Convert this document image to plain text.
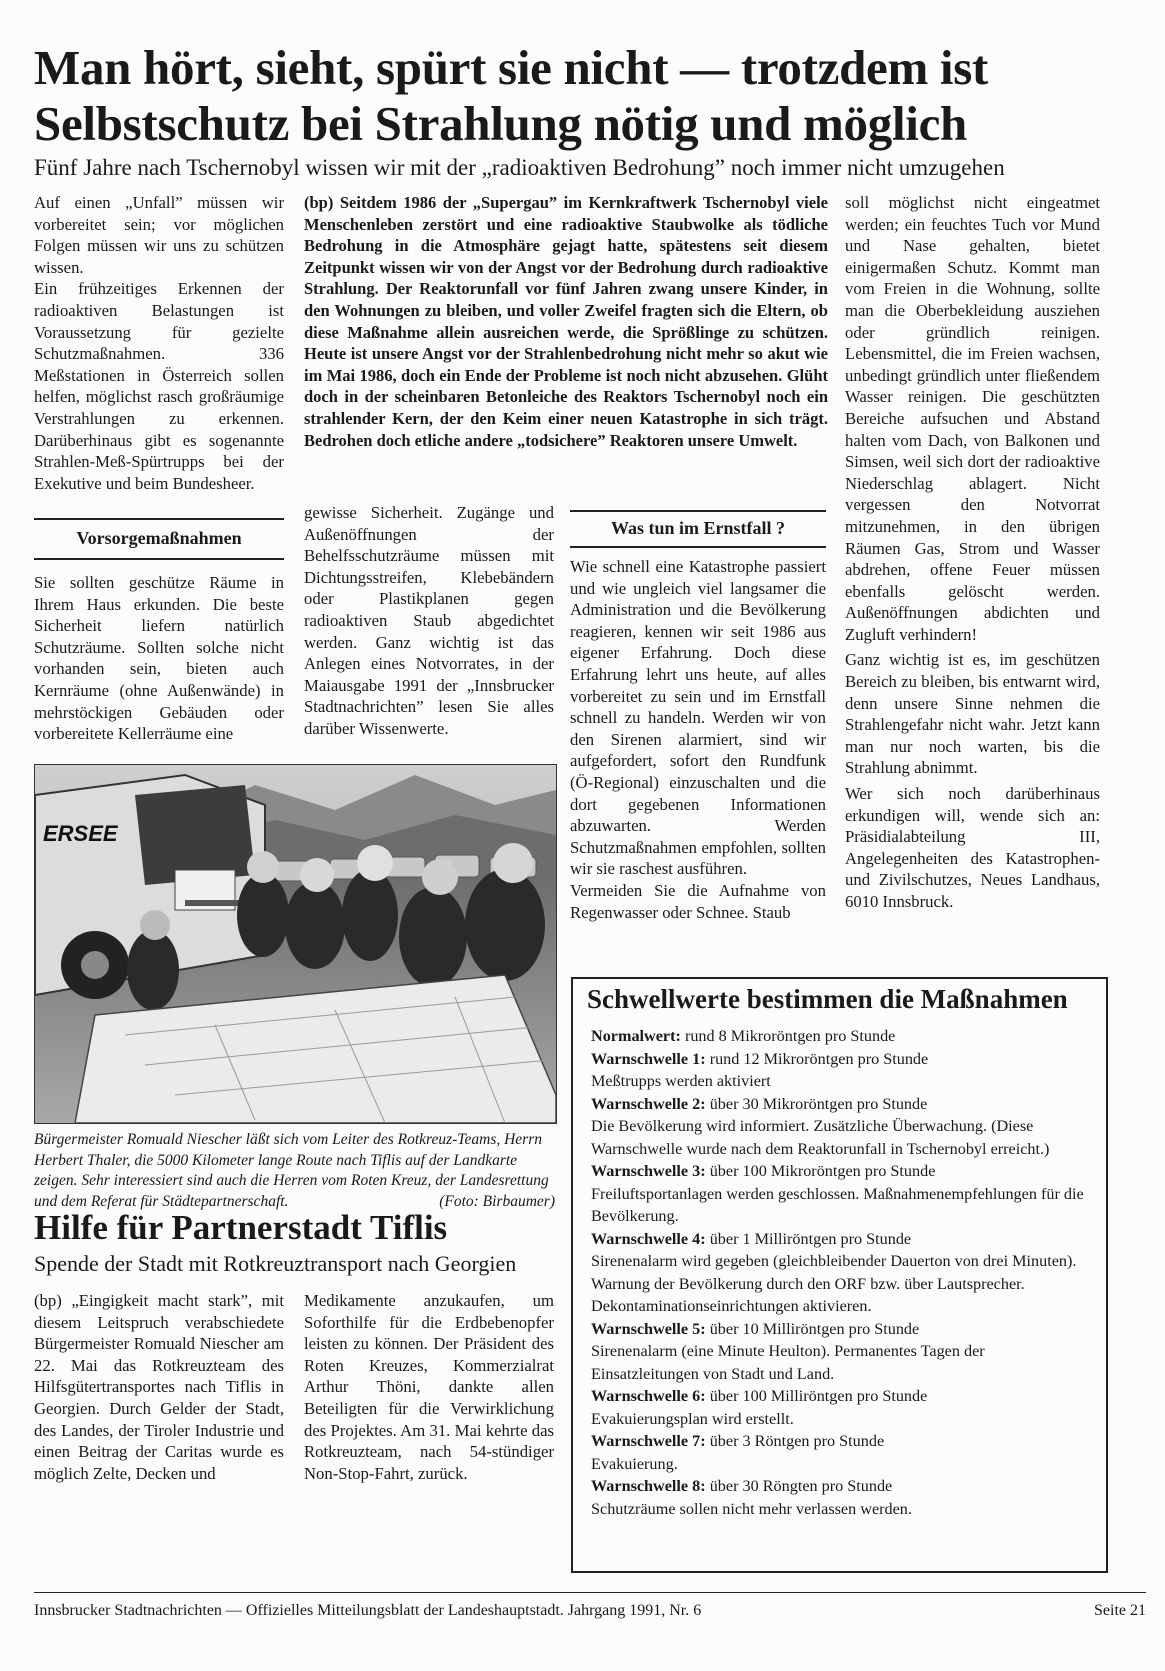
Man hört, sieht, spürt sie nicht — trotzdem ist Selbstschutz bei Strahlung nötig und möglich
Fünf Jahre nach Tschernobyl wissen wir mit der „radioaktiven Bedrohung” noch immer nicht umzugehen
Auf einen „Unfall” müssen wir vorbereitet sein; vor möglichen Folgen müssen wir uns zu schützen wissen.
Ein frühzeitiges Erkennen der radioaktiven Belastungen ist Voraussetzung für gezielte Schutzmaßnahmen. 336 Meßstationen in Österreich sollen helfen, möglichst rasch großräumige Verstrahlungen zu erkennen. Darüberhinaus gibt es sogenannte Strahlen-Meß-Spürtrupps bei der Exekutive und beim Bundesheer.
Vorsorgemaßnahmen
Sie sollten geschütze Räume in Ihrem Haus erkunden. Die beste Sicherheit liefern natürlich Schutzräume. Sollten solche nicht vorhanden sein, bieten auch Kernräume (ohne Außenwände) in mehrstöckigen Gebäuden oder vorbereitete Kellerräume eine
(bp) Seitdem 1986 der „Supergau” im Kernkraftwerk Tschernobyl viele Menschenleben zerstört und eine radioaktive Staubwolke als tödliche Bedrohung in die Atmosphäre gejagt hatte, spätestens seit diesem Zeitpunkt wissen wir von der Angst vor der Bedrohung durch radioaktive Strahlung. Der Reaktorunfall vor fünf Jahren zwang unsere Kinder, in den Wohnungen zu bleiben, und voller Zweifel fragten sich die Eltern, ob diese Maßnahme allein ausreichen werde, die Sprößlinge zu schützen. Heute ist unsere Angst vor der Strahlenbedrohung nicht mehr so akut wie im Mai 1986, doch ein Ende der Probleme ist noch nicht abzusehen. Glüht doch in der scheinbaren Betonleiche des Reaktors Tschernobyl noch ein strahlender Kern, der den Keim einer neuen Katastrophe in sich trägt. Bedrohen doch etliche andere „todsichere” Reaktoren unsere Umwelt.
gewisse Sicherheit. Zugänge und Außenöffnungen der Behelfsschutzräume müssen mit Dichtungsstreifen, Klebebändern oder Plastikplanen gegen radioaktiven Staub abgedichtet werden. Ganz wichtig ist das Anlegen eines Notvorrates, in der Maiausgabe 1991 der „Innsbrucker Stadtnachrichten” lesen Sie alles darüber Wissenwerte.
Was tun im Ernstfall ?
Wie schnell eine Katastrophe passiert und wie ungleich viel langsamer die Administration und die Bevölkerung reagieren, kennen wir seit 1986 aus eigener Erfahrung. Doch diese Erfahrung lehrt uns heute, auf alles vorbereitet zu sein und im Ernstfall schnell zu handeln. Werden wir von den Sirenen alarmiert, sind wir aufgefordert, sofort den Rundfunk (Ö-Regional) einzuschalten und die dort gegebenen Informationen abzuwarten. Werden Schutzmaßnahmen empfohlen, sollten wir sie raschest ausführen.
Vermeiden Sie die Aufnahme von Regenwasser oder Schnee. Staub
soll möglichst nicht eingeatmet werden; ein feuchtes Tuch vor Mund und Nase gehalten, bietet einigermaßen Schutz. Kommt man vom Freien in die Wohnung, sollte man die Oberbekleidung ausziehen oder gründlich reinigen. Lebensmittel, die im Freien wachsen, unbedingt gründlich unter fließendem Wasser reinigen. Die geschützten Bereiche aufsuchen und Abstand halten vom Dach, von Balkonen und Simsen, weil sich dort der radioaktive Niederschlag ablagert. Nicht vergessen den Notvorrat mitzunehmen, in den übrigen Räumen Gas, Strom und Wasser abdrehen, offene Feuer müssen ebenfalls gelöscht werden. Außenöffnungen abdichten und Zugluft verhindern!
Ganz wichtig ist es, im geschützen Bereich zu bleiben, bis entwarnt wird, denn unsere Sinne nehmen die Strahlengefahr nicht wahr. Jetzt kann man nur noch warten, bis die Strahlung abnimmt.
Wer sich noch darüberhinaus erkundigen will, wende sich an: Präsidialabteilung III, Angelegenheiten des Katastrophen- und Zivilschutzes, Neues Landhaus, 6010 Innsbruck.
ERSEE
Bürgermeister Romuald Niescher läßt sich vom Leiter des Rotkreuz-Teams, Herrn Herbert Thaler, die 5000 Kilometer lange Route nach Tiflis auf der Landkarte zeigen. Sehr interessiert sind auch die Herren vom Roten Kreuz, der Landesrettung und dem Referat für Städtepartnerschaft.	(Foto: Birbaumer)
Hilfe für Partnerstadt Tiflis
Spende der Stadt mit Rotkreuztransport nach Georgien
(bp) „Eingigkeit macht stark”, mit diesem Leitspruch verabschiedete Bürgermeister Romuald Niescher am 22. Mai das Rotkreuzteam des Hilfsgütertransportes nach Tiflis in Georgien. Durch Gelder der Stadt, des Landes, der Tiroler Industrie und einen Beitrag der Caritas wurde es möglich Zelte, Decken und
Medikamente anzukaufen, um Soforthilfe für die Erdbebenopfer leisten zu können. Der Präsident des Roten Kreuzes, Kommerzialrat Arthur Thöni, dankte allen Beteiligten für die Verwirklichung des Projektes. Am 31. Mai kehrte das Rotkreuzteam, nach 54-stündiger Non-Stop-Fahrt, zurück.
Schwellwerte bestimmen die Maßnahmen
Normalwert: rund 8 Mikroröntgen pro Stunde
Warnschwelle 1: rund 12 Mikroröntgen pro Stunde
Meßtrupps werden aktiviert
Warnschwelle 2: über 30 Mikroröntgen pro Stunde
Die Bevölkerung wird informiert. Zusätzliche Überwachung. (Diese Warnschwelle wurde nach dem Reaktorunfall in Tschernobyl erreicht.)
Warnschwelle 3: über 100 Mikroröntgen pro Stunde
Freiluftsportanlagen werden geschlossen. Maßnahmenempfehlungen für die Bevölkerung.
Warnschwelle 4: über 1 Milliröntgen pro Stunde
Sirenenalarm wird gegeben (gleichbleibender Dauerton von drei Minuten). Warnung der Bevölkerung durch den ORF bzw. über Lautsprecher. Dekontaminationseinrichtungen aktivieren.
Warnschwelle 5: über 10 Milliröntgen pro Stunde
Sirenenalarm (eine Minute Heulton). Permanentes Tagen der Einsatzleitungen von Stadt und Land.
Warnschwelle 6: über 100 Milliröntgen pro Stunde
Evakuierungsplan wird erstellt.
Warnschwelle 7: über 3 Röntgen pro Stunde
Evakuierung.
Warnschwelle 8: über 30 Röngten pro Stunde
Schutzräume sollen nicht mehr verlassen werden.
Innsbrucker Stadtnachrichten — Offizielles Mitteilungsblatt der Landeshauptstadt. Jahrgang 1991, Nr. 6	Seite 21
